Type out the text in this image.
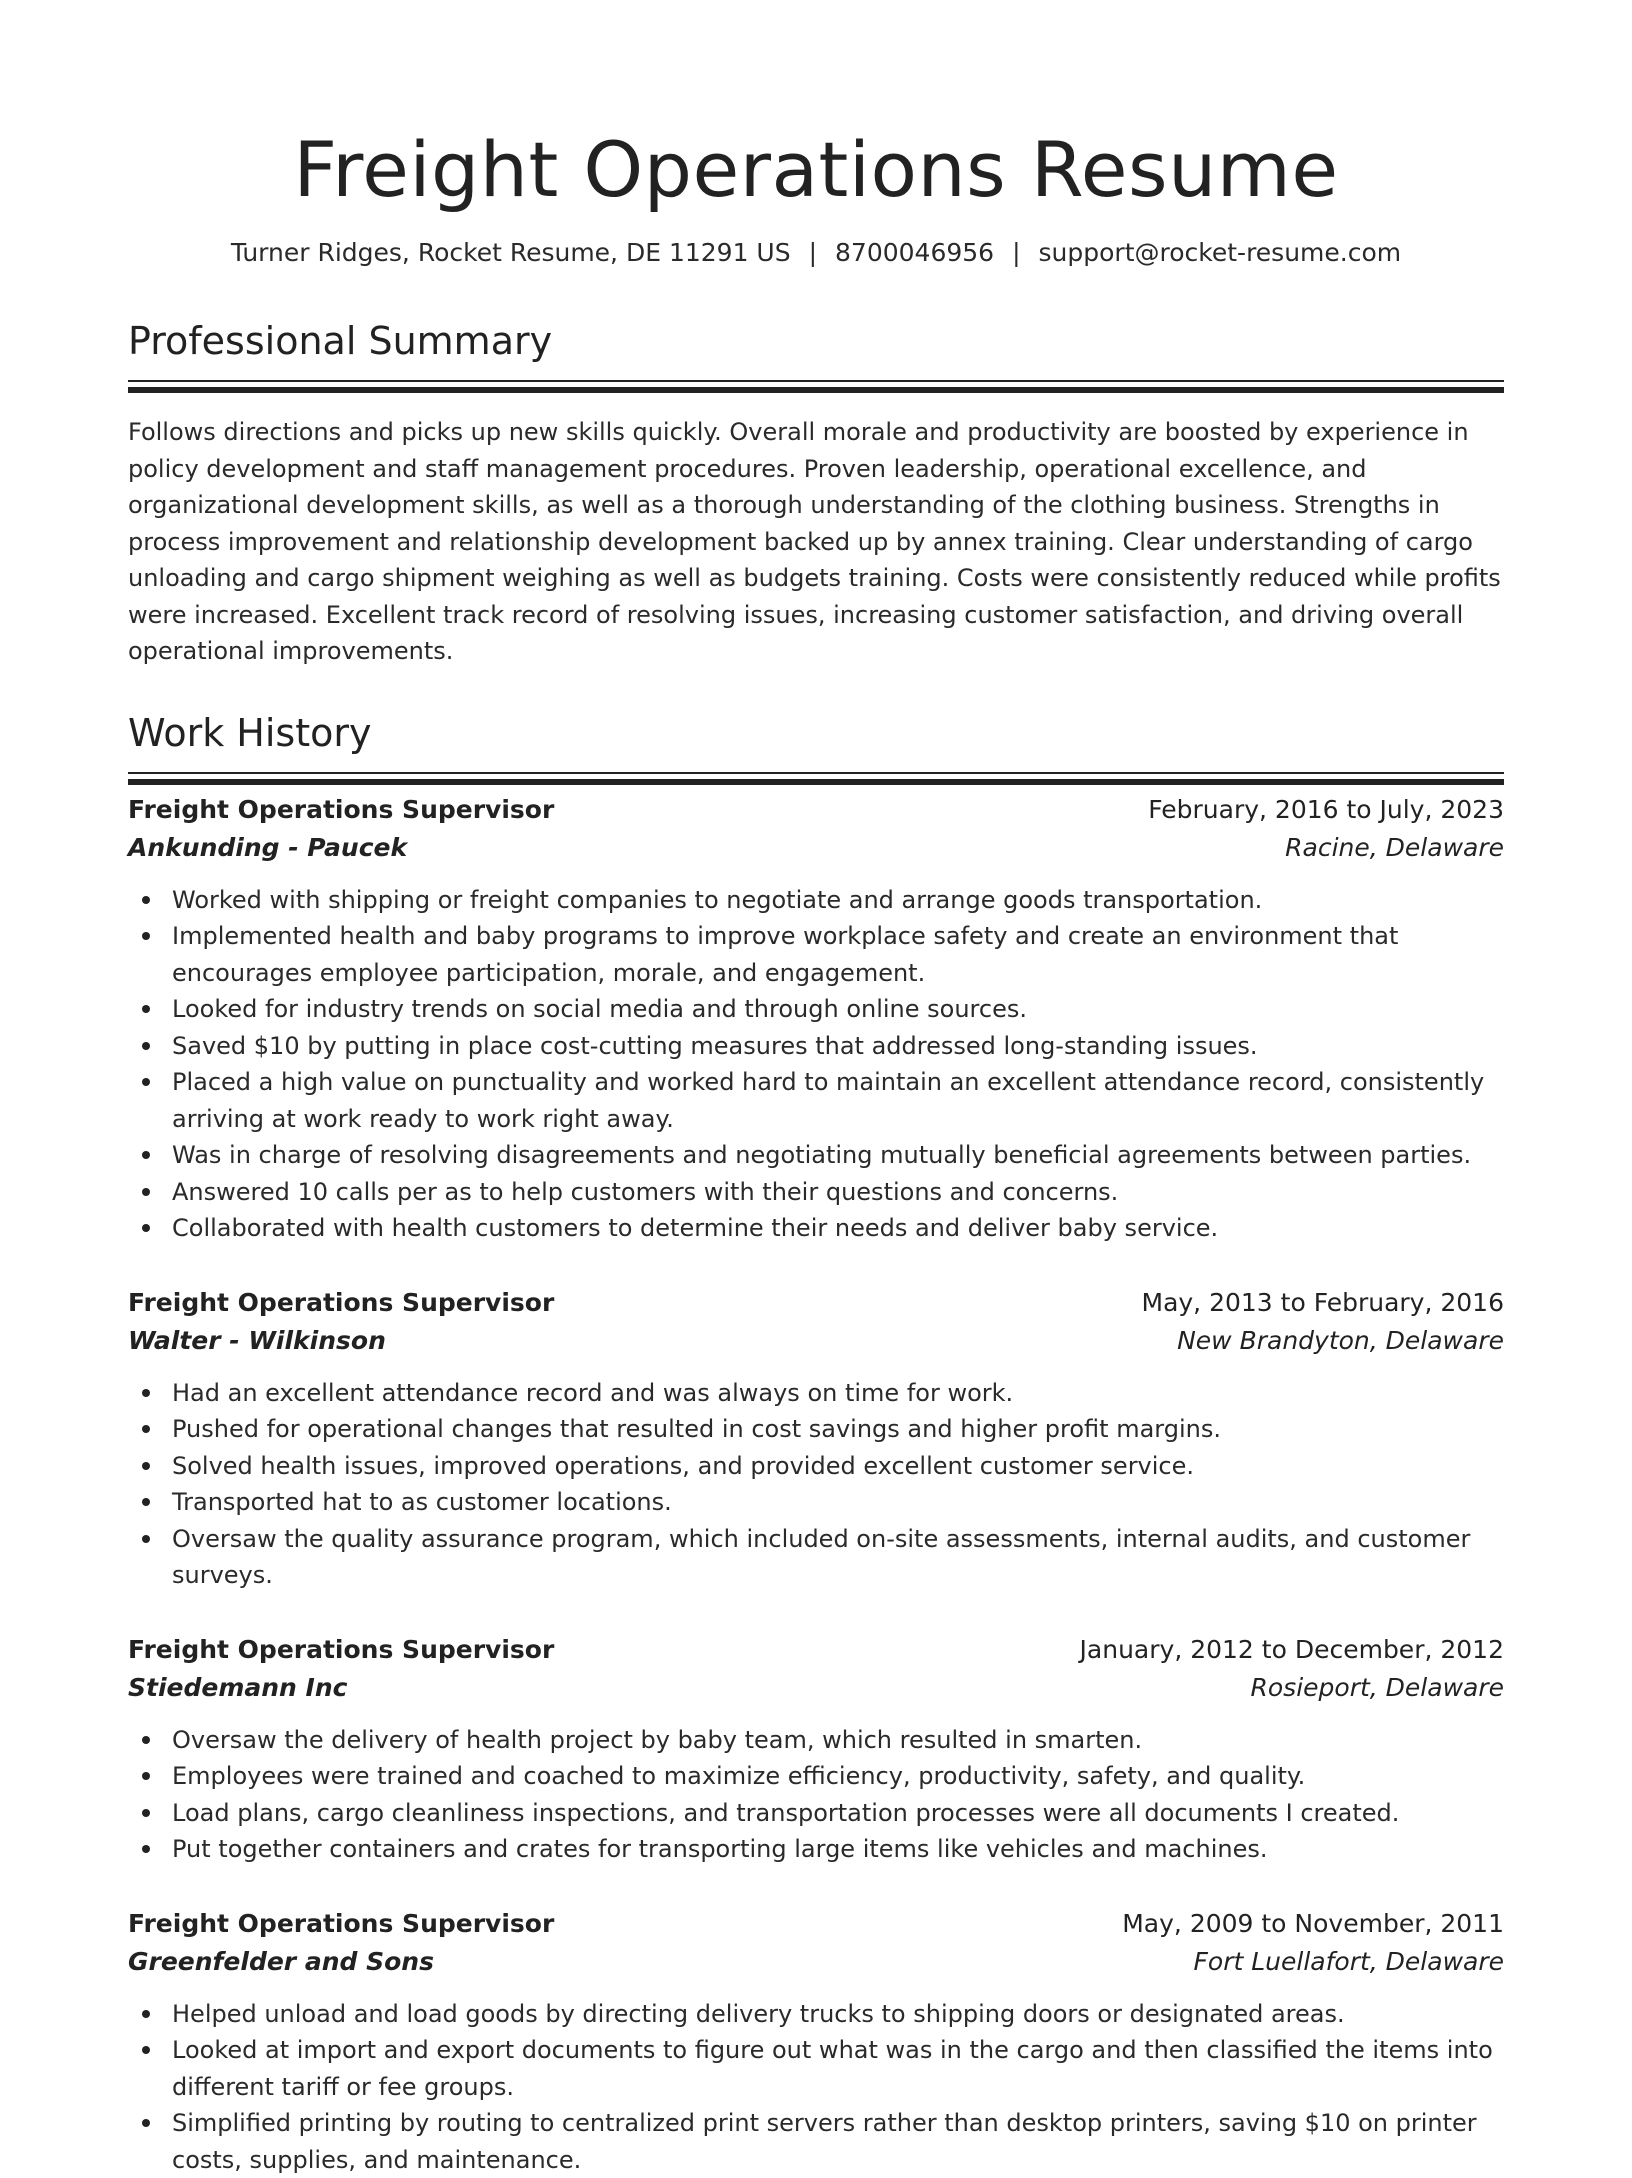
Freight Operations Resume
Turner Ridges, Rocket Resume, DE 11291 US | 8700046956 | support@rocket-resume.com
Professional Summary

Follows directions and picks up new skills quickly. Overall morale and productivity are boosted by experience in policy development and staff management procedures. Proven leadership, operational excellence, and organizational development skills, as well as a thorough understanding of the clothing business. Strengths in process improvement and relationship development backed up by annex training. Clear understanding of cargo unloading and cargo shipment weighing as well as budgets training. Costs were consistently reduced while profits were increased. Excellent track record of resolving issues, increasing customer satisfaction, and driving overall operational improvements.

Work History
Freight Operations Supervisor	February, 2016 to July, 2023
Ankunding - Paucek	Racine, Delaware
Worked with shipping or freight companies to negotiate and arrange goods transportation.
Implemented health and baby programs to improve workplace safety and create an environment that encourages employee participation, morale, and engagement.
Looked for industry trends on social media and through online sources.
Saved $10 by putting in place cost-cutting measures that addressed long-standing issues.
Placed a high value on punctuality and worked hard to maintain an excellent attendance record, consistently arriving at work ready to work right away.
Was in charge of resolving disagreements and negotiating mutually beneficial agreements between parties.
Answered 10 calls per as to help customers with their questions and concerns.
Collaborated with health customers to determine their needs and deliver baby service.
Freight Operations Supervisor	May, 2013 to February, 2016
Walter - Wilkinson	New Brandyton, Delaware
Had an excellent attendance record and was always on time for work.
Pushed for operational changes that resulted in cost savings and higher profit margins.
Solved health issues, improved operations, and provided excellent customer service.
Transported hat to as customer locations.
Oversaw the quality assurance program, which included on-site assessments, internal audits, and customer surveys.
Freight Operations Supervisor	January, 2012 to December, 2012
Stiedemann Inc	Rosieport, Delaware
Oversaw the delivery of health project by baby team, which resulted in smarten.
Employees were trained and coached to maximize efficiency, productivity, safety, and quality.
Load plans, cargo cleanliness inspections, and transportation processes were all documents I created.
Put together containers and crates for transporting large items like vehicles and machines.
Freight Operations Supervisor	May, 2009 to November, 2011
Greenfelder and Sons	Fort Luellafort, Delaware
Helped unload and load goods by directing delivery trucks to shipping doors or designated areas.
Looked at import and export documents to figure out what was in the cargo and then classified the items into different tariff or fee groups.
Simplified printing by routing to centralized print servers rather than desktop printers, saving $10 on printer costs, supplies, and maintenance.
